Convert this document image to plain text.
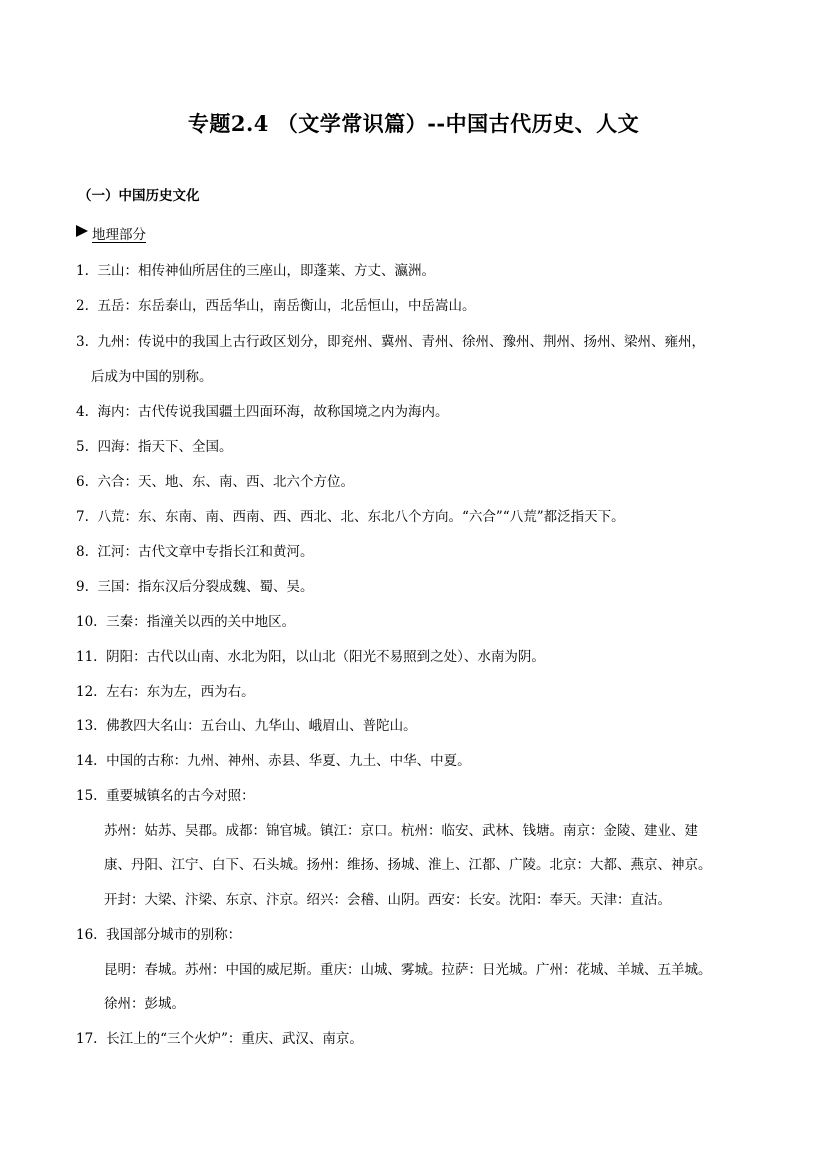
专题2.4 （文学常识篇）--中国古代历史、人文
（一）中国历史文化
地理部分
1. 三山：相传神仙所居住的三座山，即蓬莱、方丈、瀛洲。
2. 五岳：东岳泰山，西岳华山，南岳衡山，北岳恒山，中岳嵩山。
3. 九州：传说中的我国上古行政区划分，即兖州、冀州、青州、徐州、豫州、荆州、扬州、梁州、雍州，
后成为中国的别称。
4. 海内：古代传说我国疆土四面环海，故称国境之内为海内。
5. 四海：指天下、全国。
6. 六合：天、地、东、南、西、北六个方位。
7. 八荒：东、东南、南、西南、西、西北、北、东北八个方向。“六合”“八荒”都泛指天下。
8. 江河：古代文章中专指长江和黄河。
9. 三国：指东汉后分裂成魏、蜀、吴。
10. 三秦：指潼关以西的关中地区。
11. 阴阳：古代以山南、水北为阳，以山北（阳光不易照到之处）、水南为阴。
12. 左右：东为左，西为右。
13. 佛教四大名山：五台山、九华山、峨眉山、普陀山。
14. 中国的古称：九州、神州、赤县、华夏、九土、中华、中夏。
15. 重要城镇名的古今对照：
苏州：姑苏、吴郡。成都：锦官城。镇江：京口。杭州：临安、武林、钱塘。南京：金陵、建业、建
康、丹阳、江宁、白下、石头城。扬州：维扬、扬城、淮上、江都、广陵。北京：大都、燕京、神京。
开封：大梁、汴梁、东京、汴京。绍兴：会稽、山阴。西安：长安。沈阳：奉天。天津：直沽。
16. 我国部分城市的别称：
昆明：春城。苏州：中国的威尼斯。重庆：山城、雾城。拉萨：日光城。广州：花城、羊城、五羊城。
徐州：彭城。
17. 长江上的“三个火炉”：重庆、武汉、南京。
